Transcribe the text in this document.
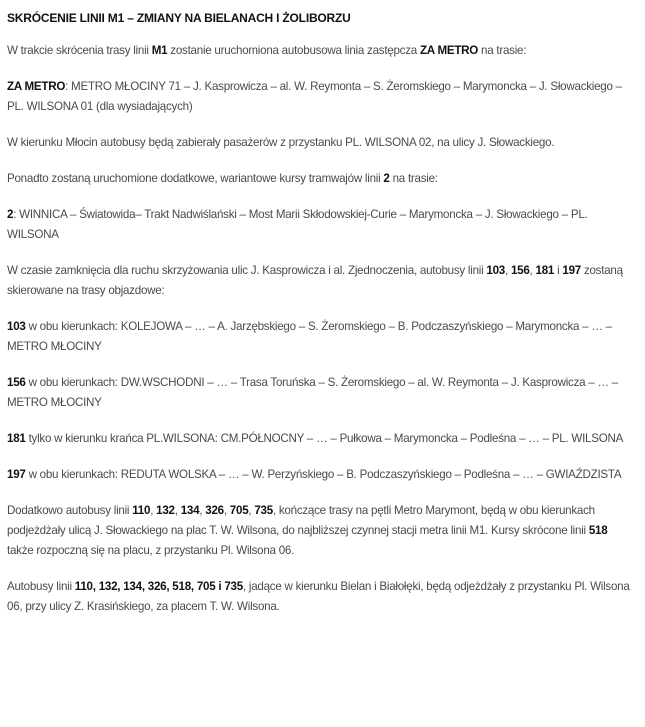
SKRÓCENIE LINII M1 – ZMIANY NA BIELANACH I ŻOLIBORZU
W trakcie skrócenia trasy linii M1 zostanie uruchomiona autobusowa linia zastępcza ZA METRO na trasie:
ZA METRO: METRO MŁOCINY 71 – J. Kasprowicza – al. W. Reymonta – S. Żeromskiego – Marymoncka – J. Słowackiego – PL. WILSONA 01 (dla wysiadających)
W kierunku Młocin autobusy będą zabierały pasażerów z przystanku PL. WILSONA 02, na ulicy J. Słowackiego.
Ponadto zostaną uruchomione dodatkowe, wariantowe kursy tramwajów linii 2 na trasie:
2: WINNICA – Światowida– Trakt Nadwiślański – Most Marii Skłodowskiej-Curie – Marymoncka – J. Słowackiego – PL. WILSONA
W czasie zamknięcia dla ruchu skrzyżowania ulic J. Kasprowicza i al. Zjednoczenia, autobusy linii 103, 156, 181 i 197 zostaną skierowane na trasy objazdowe:
103 w obu kierunkach: KOLEJOWA – … – A. Jarzębskiego – S. Żeromskiego – B. Podczaszyńskiego – Marymoncka – … – METRO MŁOCINY
156 w obu kierunkach: DW.WSCHODNI – … – Trasa Toruńska – S. Żeromskiego – al. W. Reymonta – J. Kasprowicza – … – METRO MŁOCINY
181 tylko w kierunku krańca PL.WILSONA: CM.PÓŁNOCNY – … – Pułkowa – Marymoncka – Podleśna – … – PL. WILSONA
197 w obu kierunkach: REDUTA WOLSKA – … – W. Perzyńskiego – B. Podczaszyńskiego – Podleśna – … – GWIAŹDZISTA
Dodatkowo autobusy linii 110, 132, 134, 326, 705, 735, kończące trasy na pętli Metro Marymont, będą w obu kierunkach podjeżdżały ulicą J. Słowackiego na plac T. W. Wilsona, do najbliższej czynnej stacji metra linii M1. Kursy skrócone linii 518 także rozpoczną się na placu, z przystanku Pl. Wilsona 06.
Autobusy linii 110, 132, 134, 326, 518, 705 i 735, jadące w kierunku Bielan i Białołęki, będą odjeżdżały z przystanku Pl. Wilsona 06, przy ulicy Z. Krasińskiego, za placem T. W. Wilsona.
